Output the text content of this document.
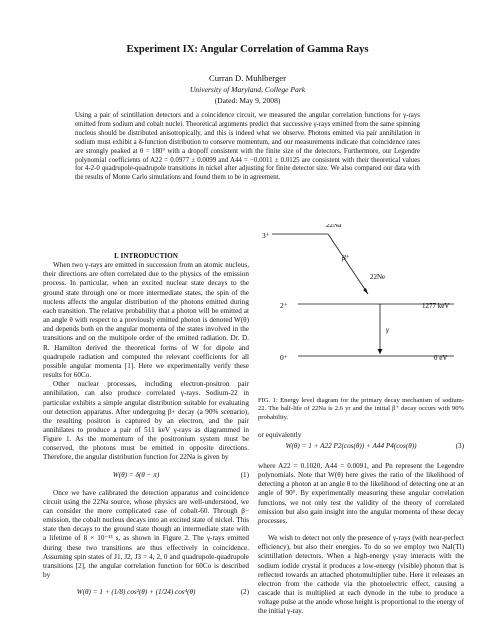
Experiment IX: Angular Correlation of Gamma Rays
Curran D. Muhlberger
University of Maryland, College Park
(Dated: May 9, 2008)
Using a pair of scintillation detectors and a coincidence circuit, we measured the angular correlation functions for γ-rays emitted from sodium and cobalt nuclei. Theoretical arguments predict that successive γ-rays emitted from the same spinning nucleus should be distributed anisotropically, and this is indeed what we observe. Photons emitted via pair annihilation in sodium must exhibit a δ-function distribution to conserve momentum, and our measurements indicate that coincidence rates are strongly peaked at θ = 180° with a dropoff consistent with the finite size of the detectors. Furthermore, our Legendre polynomial coefficients of A22 = 0.0977 ± 0.0099 and A44 = −0.0011 ± 0.0125 are consistent with their theoretical values for 4-2-0 quadrupole-quadrupole transitions in nickel after adjusting for finite detector size. We also compared our data with the results of Monte Carlo simulations and found them to be in agreement.

I. INTRODUCTION

When two γ-rays are emitted in succession from an atomic nucleus, their directions are often correlated due to the physics of the emission process. In particular, when an excited nuclear state decays to the ground state through one or more intermediate states, the spin of the nucleus affects the angular distribution of the photons emitted during each transition. The relative probability that a photon will be emitted at an angle θ with respect to a previously emitted photon is denoted W(θ) and depends both on the angular momenta of the states involved in the transitions and on the multipole order of the emitted radiation. Dr. D. R. Hamilton derived the theoretical forms of W for dipole and quadrupole radiation and computed the relevant coefficients for all possible angular momenta [1]. Here we experimentally verify these results for 60Co.

Other nuclear processes, including electron-positron pair annihilation, can also produce correlated γ-rays. Sodium-22 in particular exhibits a simple angular distribution suitable for evaluating our detection apparatus. After undergoing β+ decay (a 90% scenario), the resulting positron is captured by an electron, and the pair annihilates to produce a pair of 511 keV γ-rays as diagrammed in Figure 1. As the momentum of the positronium system must be conserved, the photons must be emitted in opposite directions. Therefore, the angular distribution function for 22Na is given by

W(θ) = δ(θ − π)	(1)

Once we have calibrated the detection apparatus and coincidence circuit using the 22Na source, whose physics are well-understood, we can consider the more complicated case of cobalt-60. Through β− emission, the cobalt nucleus decays into an excited state of nickel. This state then decays to the ground state though an intermediate state with a lifetime of 8 × 10⁻¹³ s, as shown in Figure 2. The γ-rays emitted during these two transitions are thus effectively in coincidence. Assuming spin states of J1, J2, J3 = 4, 2, 0 and quadrupole-quadrupole transitions [2], the angular correlation function for 60Co is described by

W(θ) = 1 + (1/8) cos²(θ) + (1/24) cos⁴(θ)	(2)
3⁺
22Na
β⁺
2⁺
22Ne
1277 keV
γ
0⁺	0 eV
FIG. 1: Energy level diagram for the primary decay mechanism of sodium-22. The half-life of 22Na is 2.6 yr and the initial β⁺ decay occurs with 90% probability.
or equivalently
W(θ) = 1 + A22 P2(cos(θ)) + A44 P4(cos(θ))	(3)

where A22 = 0.1020, A44 = 0.0091, and Pn represent the Legendre polynomials. Note that W(θ) here gives the ratio of the likelihood of detecting a photon at an angle θ to the likelihood of detecting one at an angle of 90°. By experimentally measuring these angular correlation functions, we not only test the validity of the theory of correlated emission but also gain insight into the angular momenta of these decay processes.

We wish to detect not only the presence of γ-rays (with near-perfect efficiency), but also their energies. To do so we employ two NaI(Tl) scintillation detectors. When a high-energy γ-ray interacts with the sodium iodide crystal it produces a low-energy (visible) photon that is reflected towards an attached photomultiplier tube. Here it releases an electron from the cathode via the photoelectric effect, causing a cascade that is multiplied at each dynode in the tube to produce a voltage pulse at the anode whose height is proportional to the energy of the initial γ-ray.
